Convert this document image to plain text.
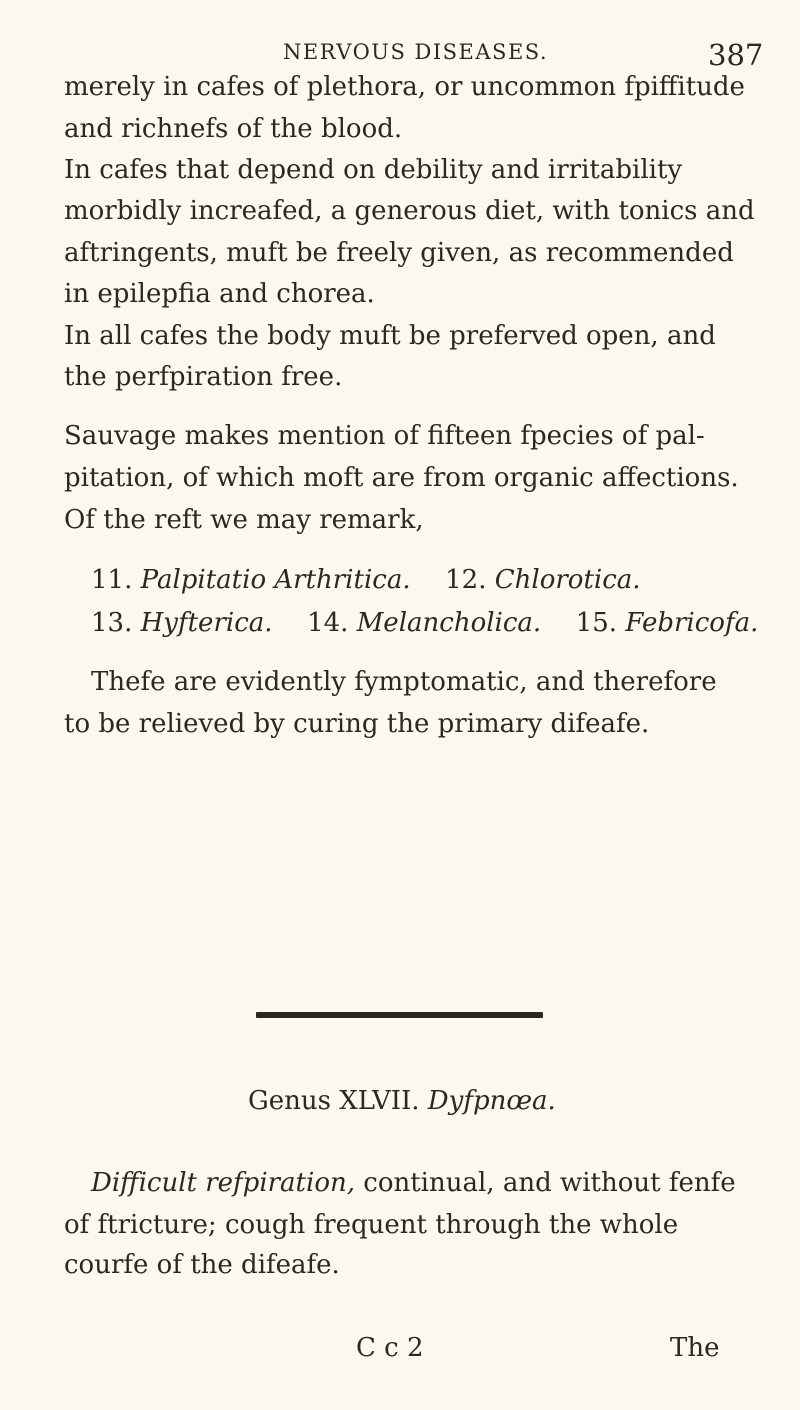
NERVOUS DISEASES.	387
merely in cafes of plethora, or uncommon fpiffitude
and richnefs of the blood.
In cafes that depend on debility and irritability
morbidly increafed, a generous diet, with tonics and
aftringents, muft be freely given, as recommended
in epilepfia and chorea.
In all cafes the body muft be preferved open, and
the perfpiration free.
Sauvage makes mention of fifteen fpecies of pal-
pitation, of which moft are from organic affections.
Of the reft we may remark,
11. Palpitatio Arthritica. 12. Chlorotica.
13. Hyfterica. 14. Melancholica. 15. Febricofa.
Thefe are evidently fymptomatic, and therefore
to be relieved by curing the primary difeafe.
Genus XLVII. Dyfpnœa.
Difficult refpiration, continual, and without fenfe
of ftricture; cough frequent through the whole
courfe of the difeafe.
C c 2	The
